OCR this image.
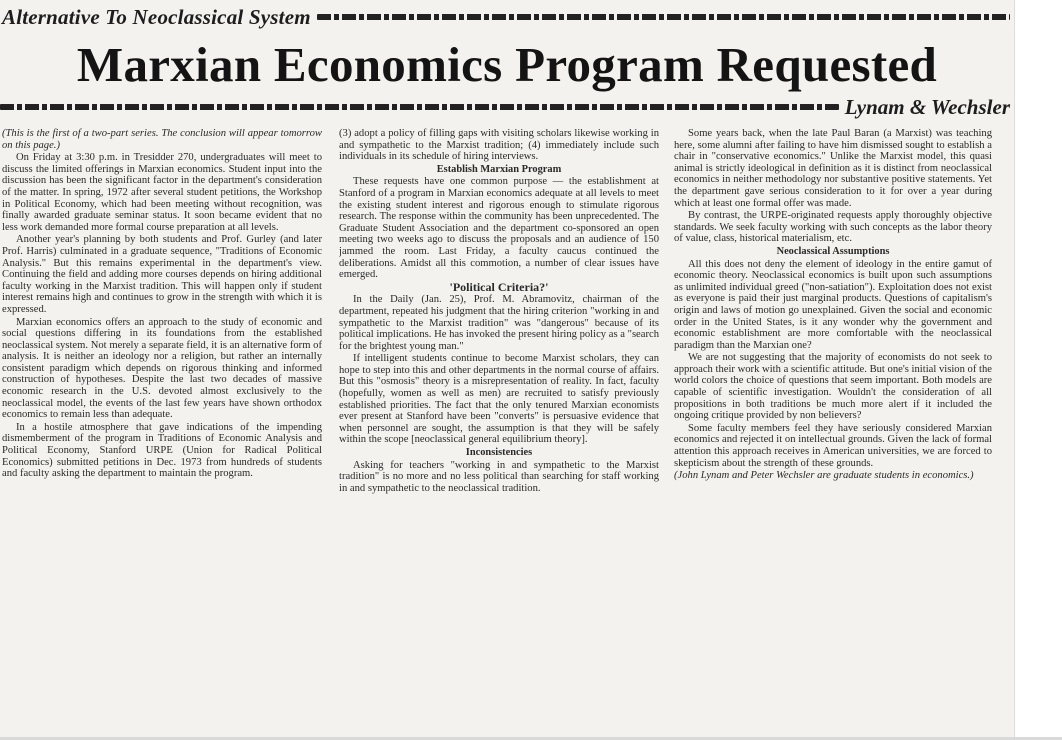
Alternative To Neoclassical System
Marxian Economics Program Requested
Lynam & Wechsler

(This is the first of a two-part series. The conclusion will appear tomorrow on this page.)

On Friday at 3:30 p.m. in Tresidder 270, undergraduates will meet to discuss the limited offerings in Marxian economics. Student input into the discussion has been the significant factor in the department's consideration of the matter. In spring, 1972 after several student petitions, the Workshop in Political Economy, which had been meeting without recognition, was finally awarded graduate seminar status. It soon became evident that no less work demanded more formal course preparation at all levels.

Another year's planning by both students and Prof. Gurley (and later Prof. Harris) culminated in a graduate sequence, "Traditions of Economic Analysis." But this remains experimental in the department's view. Continuing the field and adding more courses depends on hiring additional faculty working in the Marxist tradition. This will happen only if student interest remains high and continues to grow in the strength with which it is expressed.

Marxian economics offers an approach to the study of economic and social questions differing in its foundations from the established neoclassical system. Not merely a separate field, it is an alternative form of analysis. It is neither an ideology nor a religion, but rather an internally consistent paradigm which depends on rigorous thinking and informed construction of hypotheses. Despite the last two decades of massive economic research in the U.S. devoted almost exclusively to the neoclassical model, the events of the last few years have shown orthodox economics to remain less than adequate.

In a hostile atmosphere that gave indications of the impending dismemberment of the program in Traditions of Economic Analysis and Political Economy, Stanford URPE (Union for Radical Political Economics) submitted petitions in Dec. 1973 from hundreds of students and faculty asking the department to maintain the program.

(3) adopt a policy of filling gaps with visiting scholars likewise working in and sympathetic to the Marxist tradition; (4) immediately include such individuals in its schedule of hiring interviews.

Establish Marxian Program

These requests have one common purpose — the establishment at Stanford of a program in Marxian economics adequate at all levels to meet the existing student interest and rigorous enough to stimulate rigorous research. The response within the community has been unprecedented. The Graduate Student Association and the department co-sponsored an open meeting two weeks ago to discuss the proposals and an audience of 150 jammed the room. Last Friday, a faculty caucus continued the deliberations. Amidst all this commotion, a number of clear issues have emerged.

'Political Criteria?'

In the Daily (Jan. 25), Prof. M. Abramovitz, chairman of the department, repeated his judgment that the hiring criterion "working in and sympathetic to the Marxist tradition" was "dangerous" because of its political implications. He has invoked the present hiring policy as a "search for the brightest young man."

If intelligent students continue to become Marxist scholars, they can hope to step into this and other departments in the normal course of affairs. But this "osmosis" theory is a misrepresentation of reality. In fact, faculty (hopefully, women as well as men) are recruited to satisfy previously established priorities. The fact that the only tenured Marxian economists ever present at Stanford have been "converts" is persuasive evidence that when personnel are sought, the assumption is that they will be safely within the scope [neoclassical general equilibrium theory].

Inconsistencies

Asking for teachers "working in and sympathetic to the Marxist tradition" is no more and no less political than searching for staff working in and sympathetic to the neoclassical tradition.

Some years back, when the late Paul Baran (a Marxist) was teaching here, some alumni after failing to have him dismissed sought to establish a chair in "conservative economics." Unlike the Marxist model, this quasi animal is strictly ideological in definition as it is distinct from neoclassical economics in neither methodology nor substantive positive statements. Yet the department gave serious consideration to it for over a year during which at least one formal offer was made.

By contrast, the URPE-originated requests apply thoroughly objective standards. We seek faculty working with such concepts as the labor theory of value, class, historical materialism, etc.

Neoclassical Assumptions

All this does not deny the element of ideology in the entire gamut of economic theory. Neoclassical economics is built upon such assumptions as unlimited individual greed ("non-satiation"). Exploitation does not exist as everyone is paid their just marginal products. Questions of capitalism's origin and laws of motion go unexplained. Given the social and economic order in the United States, is it any wonder why the government and economic establishment are more comfortable with the neoclassical paradigm than the Marxian one?

We are not suggesting that the majority of economists do not seek to approach their work with a scientific attitude. But one's initial vision of the world colors the choice of questions that seem important. Both models are capable of scientific investigation. Wouldn't the consideration of all propositions in both traditions be much more alert if it included the ongoing critique provided by non believers?

Some faculty members feel they have seriously considered Marxian economics and rejected it on intellectual grounds. Given the lack of formal attention this approach receives in American universities, we are forced to skepticism about the strength of these grounds.

(John Lynam and Peter Wechsler are graduate students in economics.)
